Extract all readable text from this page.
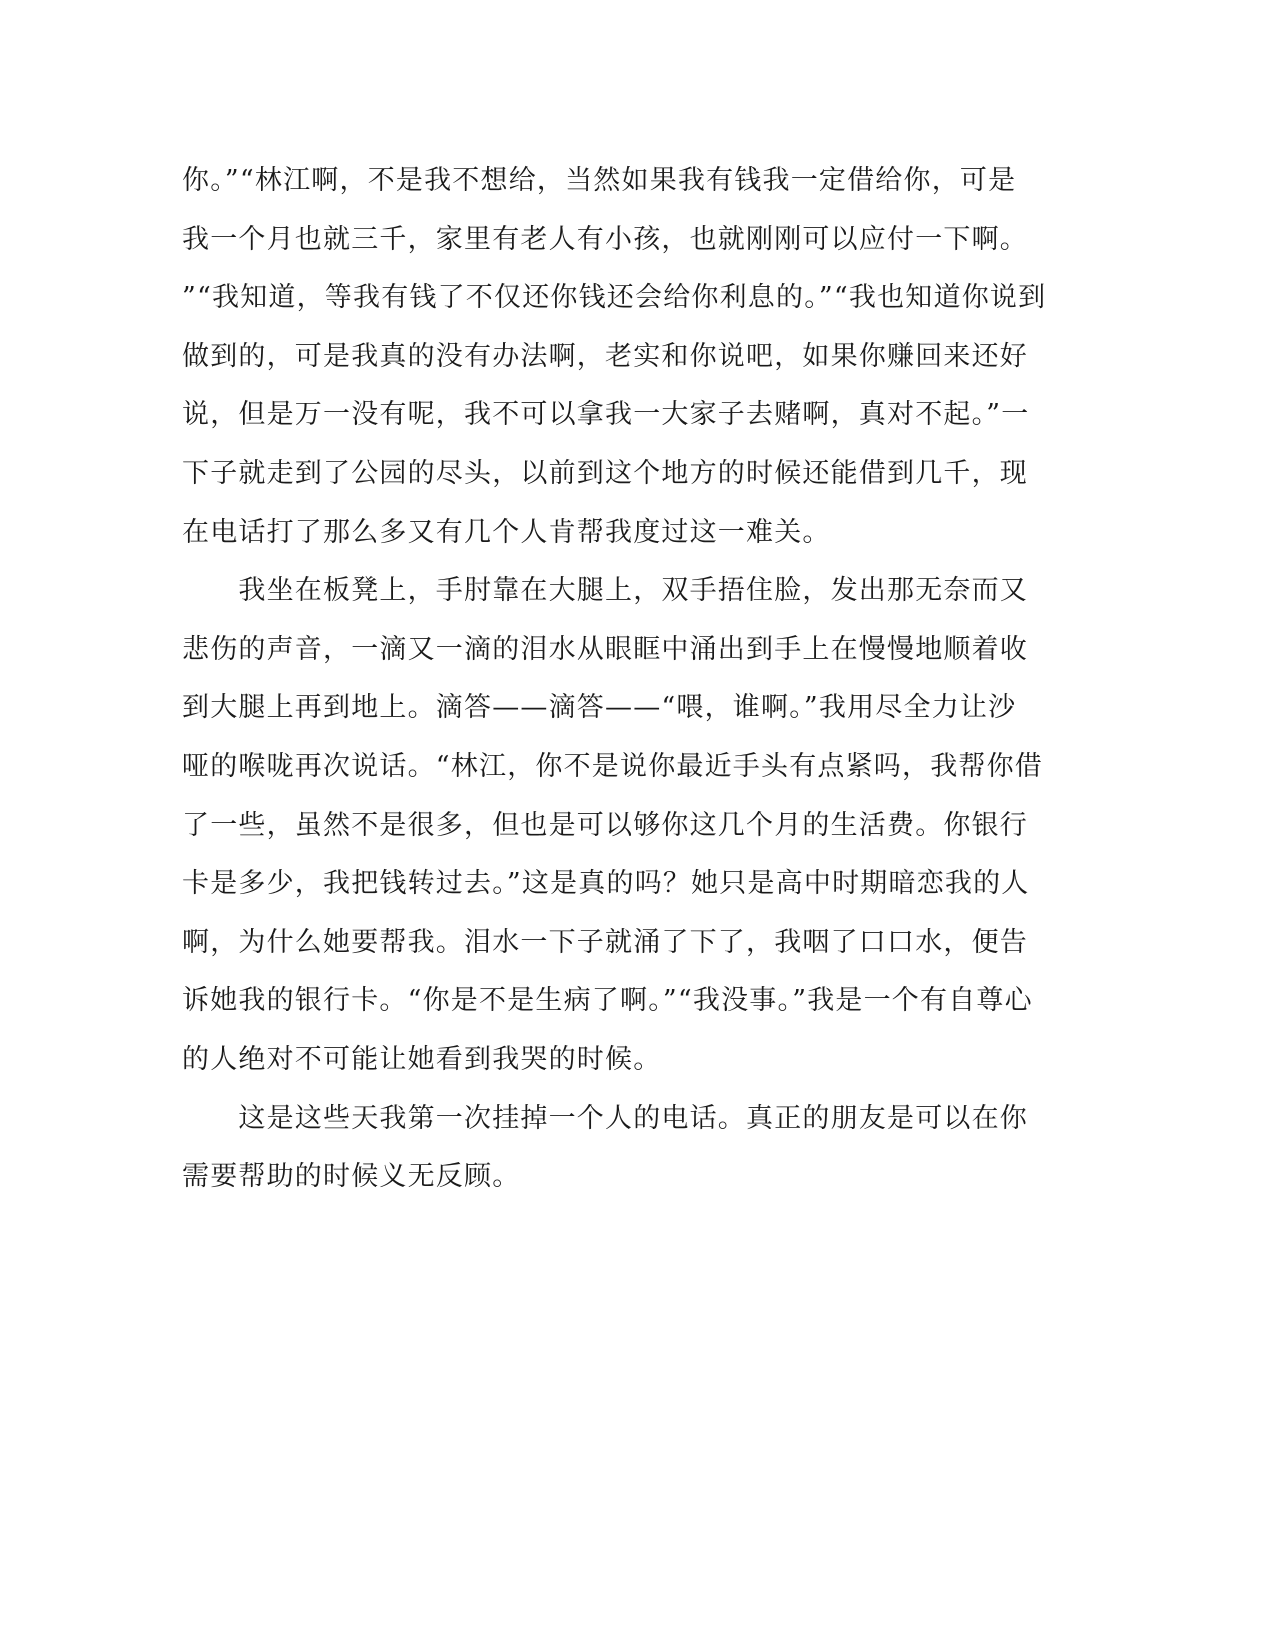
你。”“林江啊，不是我不想给，当然如果我有钱我一定借给你，可是
我一个月也就三千，家里有老人有小孩，也就刚刚可以应付一下啊。
”“我知道，等我有钱了不仅还你钱还会给你利息的。”“我也知道你说到
做到的，可是我真的没有办法啊，老实和你说吧，如果你赚回来还好
说，但是万一没有呢，我不可以拿我一大家子去赌啊，真对不起。”一
下子就走到了公园的尽头，以前到这个地方的时候还能借到几千，现
在电话打了那么多又有几个人肯帮我度过这一难关。
　　我坐在板凳上，手肘靠在大腿上，双手捂住脸，发出那无奈而又
悲伤的声音，一滴又一滴的泪水从眼眶中涌出到手上在慢慢地顺着收
到大腿上再到地上。滴答——滴答——“喂，谁啊。”我用尽全力让沙
哑的喉咙再次说话。“林江，你不是说你最近手头有点紧吗，我帮你借
了一些，虽然不是很多，但也是可以够你这几个月的生活费。你银行
卡是多少，我把钱转过去。”这是真的吗？她只是高中时期暗恋我的人
啊，为什么她要帮我。泪水一下子就涌了下了，我咽了口口水，便告
诉她我的银行卡。“你是不是生病了啊。”“我没事。”我是一个有自尊心
的人绝对不可能让她看到我哭的时候。
　　这是这些天我第一次挂掉一个人的电话。真正的朋友是可以在你
需要帮助的时候义无反顾。
